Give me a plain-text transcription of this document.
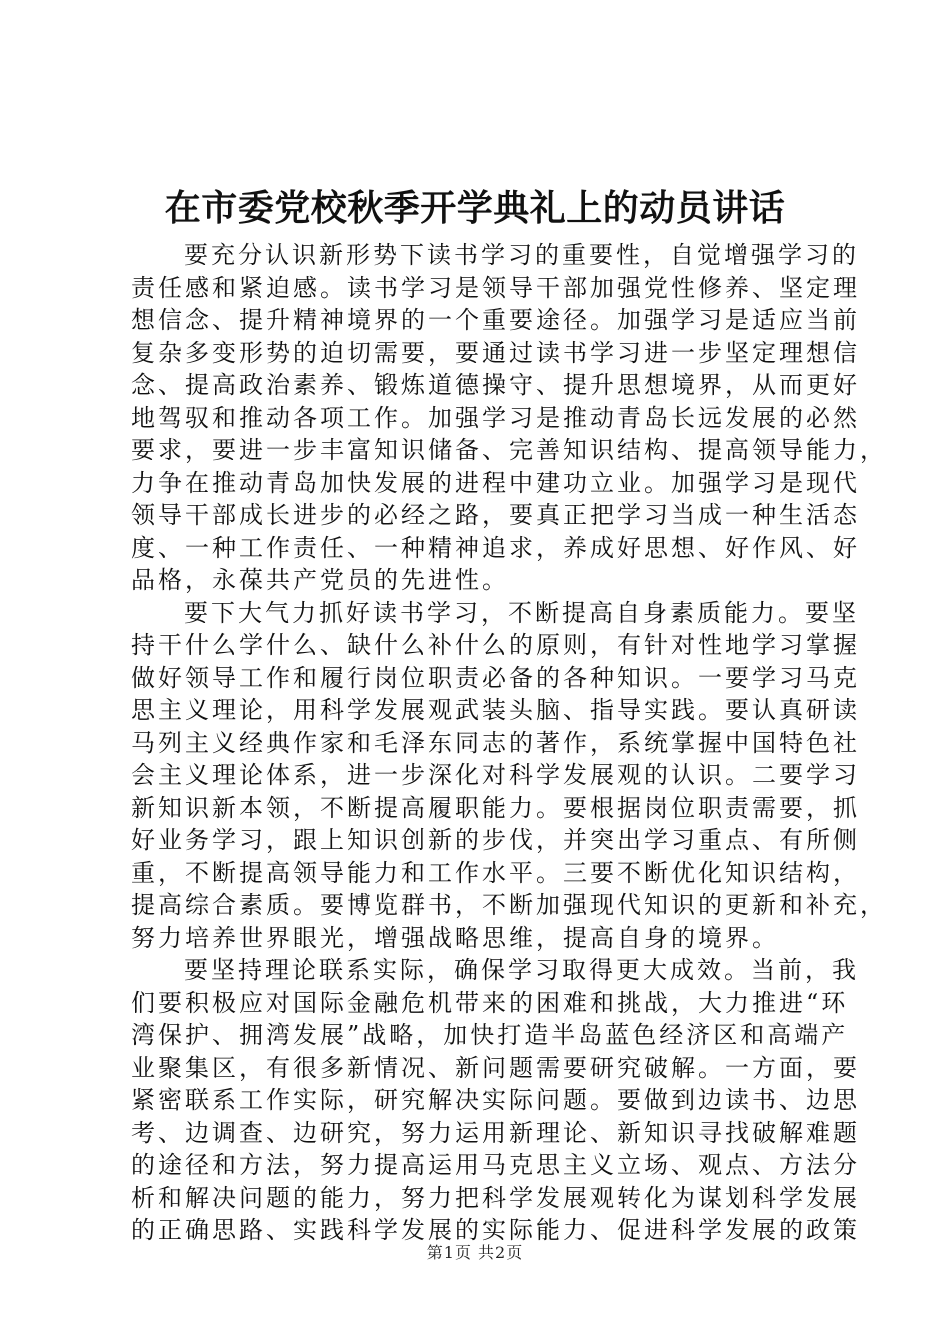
在市委党校秋季开学典礼上的动员讲话
要充分认识新形势下读书学习的重要性，自觉增强学习的
责任感和紧迫感。读书学习是领导干部加强党性修养、坚定理
想信念、提升精神境界的一个重要途径。加强学习是适应当前
复杂多变形势的迫切需要，要通过读书学习进一步坚定理想信
念、提高政治素养、锻炼道德操守、提升思想境界，从而更好
地驾驭和推动各项工作。加强学习是推动青岛长远发展的必然
要求，要进一步丰富知识储备、完善知识结构、提高领导能力，
力争在推动青岛加快发展的进程中建功立业。加强学习是现代
领导干部成长进步的必经之路，要真正把学习当成一种生活态
度、一种工作责任、一种精神追求，养成好思想、好作风、好
品格，永葆共产党员的先进性。
要下大气力抓好读书学习，不断提高自身素质能力。要坚
持干什么学什么、缺什么补什么的原则，有针对性地学习掌握
做好领导工作和履行岗位职责必备的各种知识。一要学习马克
思主义理论，用科学发展观武装头脑、指导实践。要认真研读
马列主义经典作家和毛泽东同志的著作，系统掌握中国特色社
会主义理论体系，进一步深化对科学发展观的认识。二要学习
新知识新本领，不断提高履职能力。要根据岗位职责需要，抓
好业务学习，跟上知识创新的步伐，并突出学习重点、有所侧
重，不断提高领导能力和工作水平。三要不断优化知识结构，
提高综合素质。要博览群书，不断加强现代知识的更新和补充，
努力培养世界眼光，增强战略思维，提高自身的境界。
要坚持理论联系实际，确保学习取得更大成效。当前，我
们要积极应对国际金融危机带来的困难和挑战，大力推进“环
湾保护、拥湾发展”战略，加快打造半岛蓝色经济区和高端产
业聚集区，有很多新情况、新问题需要研究破解。一方面，要
紧密联系工作实际，研究解决实际问题。要做到边读书、边思
考、边调查、边研究，努力运用新理论、新知识寻找破解难题
的途径和方法，努力提高运用马克思主义立场、观点、方法分
析和解决问题的能力，努力把科学发展观转化为谋划科学发展
的正确思路、实践科学发展的实际能力、促进科学发展的政策
第1页 共2页
